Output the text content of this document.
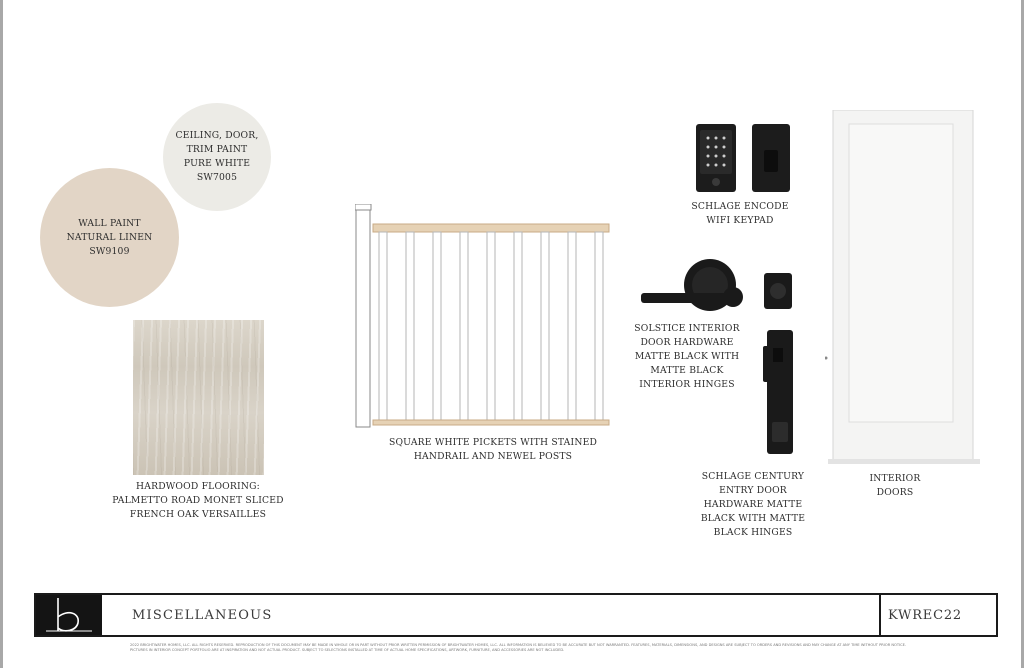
WALL PAINT NATURAL LINEN SW9109
CEILING, DOOR, TRIM PAINT PURE WHITE SW7005
HARDWOOD FLOORING: PALMETTO ROAD MONET SLICED FRENCH OAK VERSAILLES
SQUARE WHITE PICKETS WITH STAINED HANDRAIL AND NEWEL POSTS
SCHLAGE ENCODE WIFI KEYPAD
SOLSTICE INTERIOR DOOR HARDWARE MATTE BLACK WITH MATTE BLACK INTERIOR HINGES
SCHLAGE CENTURY ENTRY DOOR HARDWARE MATTE BLACK WITH MATTE BLACK HINGES
INTERIOR DOORS
MISCELLANEOUS	KWREC22
2022 BRIGHTWATER HOMES, LLC. ALL RIGHTS RESERVED. REPRODUCTION OF THIS DOCUMENT MAY BE MADE IN WHOLE OR IN PART WITHOUT PRIOR WRITTEN PERMISSION OF BRIGHTWATER HOMES, LLC. ALL INFORMATION IS BELIEVED TO BE ACCURATE BUT NOT WARRANTED. FEATURES, MATERIALS, DIMENSIONS, AND DESIGNS ARE SUBJECT TO ORDERS AND REVISIONS AND MAY CHANGE AT ANY TIME WITHOUT PRIOR NOTICE. PICTURES IN INTERIOR CONCEPT PORTFOLIO ARE AT INSPIRATION AND NOT ACTUAL PRODUCT. SUBJECT TO SELECTIONS INSTALLED AT TIME OF ACTUAL HOME SPECIFICATIONS, ARTWORK, FURNITURE, AND ACCESSORIES ARE NOT INCLUDED.
